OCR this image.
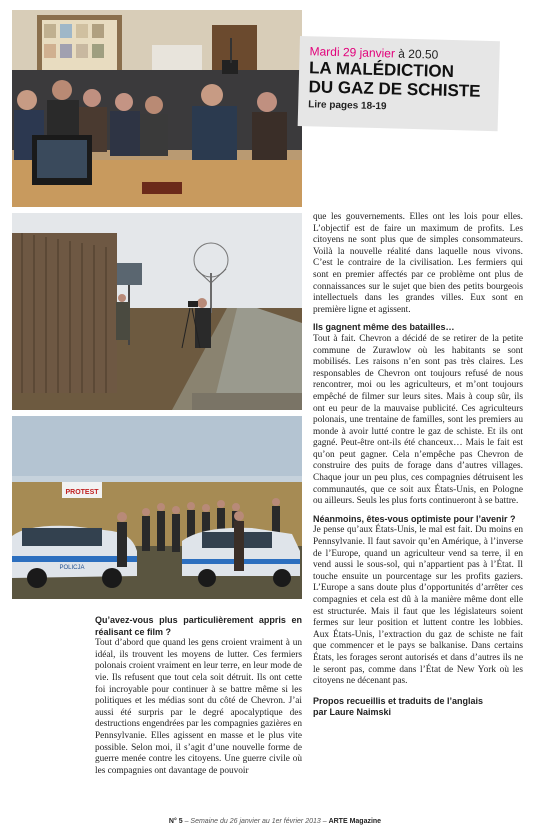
Mardi 29 janvier à 20.50
LA MALÉDICTION
DU GAZ DE SCHISTE
Lire pages 18-19
PROTEST
POLICJA

que les gouvernements. Elles ont les lois pour elles. L’objectif est de faire un maximum de profits. Les citoyens ne sont plus que de simples consommateurs. Voilà la nouvelle réalité dans laquelle nous vivons. C’est le contraire de la civilisation. Les fermiers qui sont en premier affectés par ce problème ont plus de connaissances sur le sujet que bien des petits bourgeois intellectuels dans les grandes villes. Eux sont en première ligne et agissent.

Ils gagnent même des batailles…

Tout à fait. Chevron a décidé de se retirer de la petite commune de Zurawlow où les habitants se sont mobilisés. Les raisons n’en sont pas très claires. Les responsables de Chevron ont toujours refusé de nous rencontrer, moi ou les agriculteurs, et m’ont toujours empêché de filmer sur leurs sites. Mais à coup sûr, ils ont eu peur de la mauvaise publicité. Ces agriculteurs polonais, une trentaine de familles, sont les premiers au monde à avoir lutté contre le gaz de schiste. Et ils ont gagné. Peut-être ont-ils été chanceux… Mais le fait est qu’on peut gagner. Cela n’empêche pas Chevron de construire des puits de forage dans d’autres villages. Chaque jour un peu plus, ces compagnies détruisent les communautés, que ce soit aux États-Unis, en Pologne ou ailleurs. Seuls les plus forts continueront à se battre.

Néanmoins, êtes-vous optimiste pour l’avenir ?

Je pense qu’aux États-Unis, le mal est fait. Du moins en Pennsylvanie. Il faut savoir qu’en Amérique, à l’inverse de l’Europe, quand un agriculteur vend sa terre, il en vend aussi le sous-sol, qui n’appartient pas à l’État. Il touche ensuite un pourcentage sur les profits gaziers. L’Europe a sans doute plus d’opportunités d’arrêter ces compagnies et cela est dû à la manière même dont elle est structurée. Mais il faut que les législateurs soient fermes sur leur position et luttent contre les lobbies. Aux États-Unis, l’extraction du gaz de schiste ne fait que commencer et le pays se balkanise. Dans certains États, les forages seront autorisés et dans d’autres ils ne le seront pas, comme dans l’État de New York où les citoyens ne décenant pas.

Propos recueillis et traduits de l’anglais

par Laure Naimski

Qu’avez-vous plus particulièrement appris en réalisant ce film ?

Tout d’abord que quand les gens croient vraiment à un idéal, ils trouvent les moyens de lutter. Ces fermiers polonais croient vraiment en leur terre, en leur mode de vie. Ils refusent que tout cela soit détruit. Ils ont cette foi incroyable pour continuer à se battre même si les politiques et les médias sont du côté de Chevron. J’ai aussi été surpris par le degré apocalyptique des destructions engendrées par les compagnies gazières en Pennsylvanie. Elles agissent en masse et le plus vite possible. Selon moi, il s’agit d’une nouvelle forme de guerre menée contre les citoyens. Une guerre civile où les compagnies ont davantage de pouvoir

N° 5 – Semaine du 26 janvier au 1er février 2013 – ARTE Magazine
